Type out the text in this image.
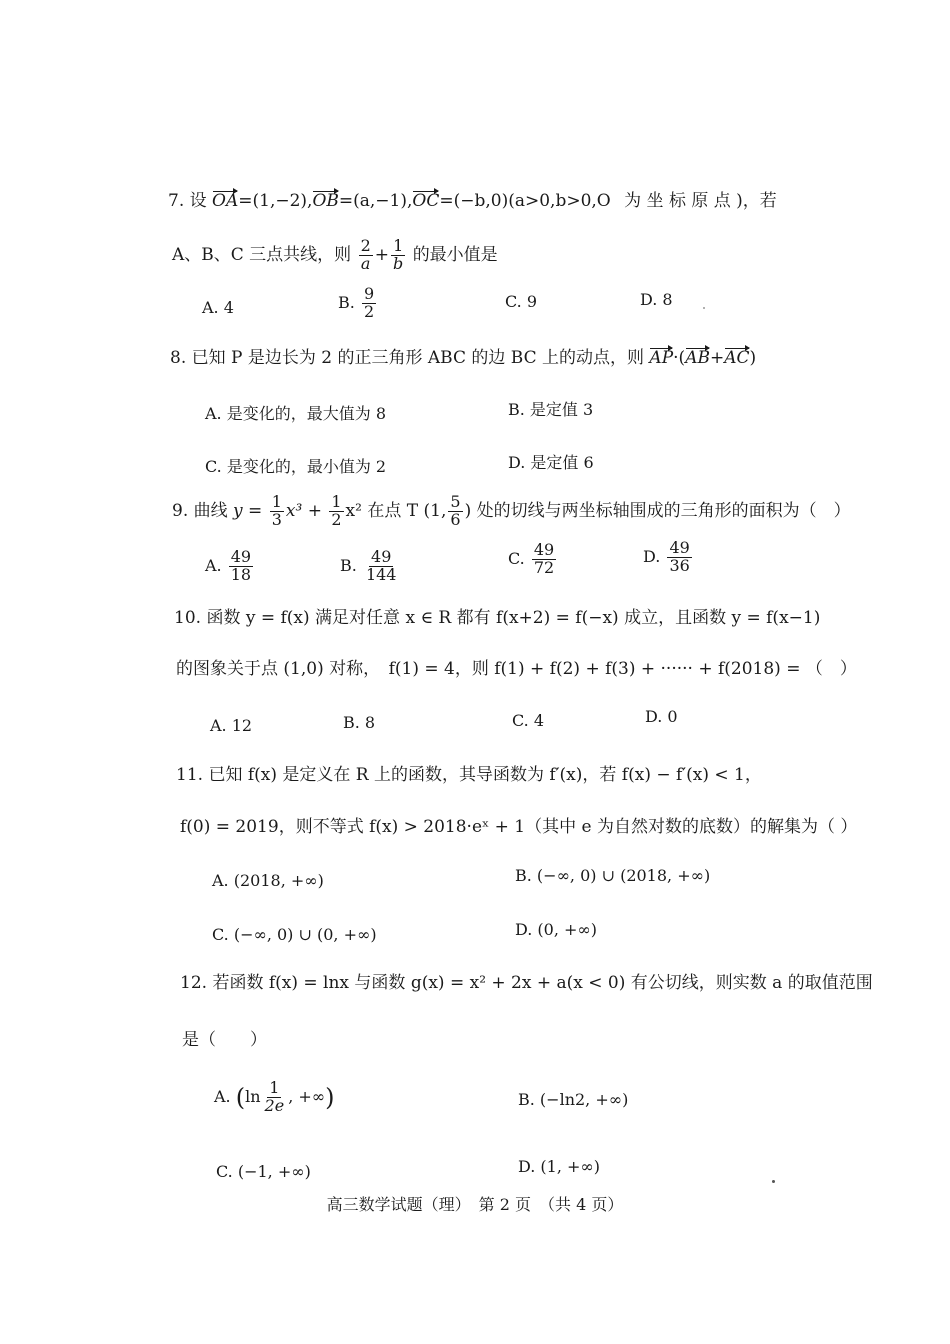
7. 设 OA=(1,−2),OB=(a,−1),OC=(−b,0)(a>0,b>0,O 为 坐 标 原 点 )，若
A、B、C 三点共线，则 $\frac{2}{a} + \frac{1}{b}$ 的最小值是
A. 4	B. $\frac{9}{2}$	C. 9	D. 8
8. 已知 P 是边长为 2 的正三角形 ABC 的边 BC 上的动点，则 AP·(AB+AC)
A. 是变化的，最大值为 8	B. 是定值 3
C. 是变化的，最小值为 2	D. 是定值 6
9. 曲线 $y = \frac{1}{3} x^3 + \frac{1}{2} x^2$ 在点 T (1, $\frac{5}{6}$ ) 处的切线与两坐标轴围成的三角形的面积为（　）
A. $\frac{49}{18}$	B. $\frac{49}{144}$	C. $\frac{49}{72}$	D. $\frac{49}{36}$
10. 函数 y = f(x) 满足对任意 x ∈ R 都有 f(x+2) = f(−x) 成立，且函数 y = f(x−1)
的图象关于点 (1,0) 对称，　f(1) = 4，则 f(1) + f(2) + f(3) + ······ + f(2018) = （　）
A. 12	B. 8	C. 4	D. 0
11. 已知 f(x) 是定义在 R 上的函数，其导函数为 f′(x)，若 f(x) − f′(x) < 1，
f(0) = 2019，则不等式 f(x) > 2018·eˣ + 1（其中 e 为自然对数的底数）的解集为（ ）
A. (2018, +∞)	B. (−∞, 0) ∪ (2018, +∞)
C. (−∞, 0) ∪ (0, +∞)	D. (0, +∞)
12. 若函数 f(x) = lnx 与函数 g(x) = x² + 2x + a(x < 0) 有公切线，则实数 a 的取值范围
是（　　）
A. ($\ln \frac{1}{2e}$ , +∞)	B. (−ln2, +∞)
C. (−1, +∞)	D. (1, +∞)
高三数学试题（理）　第 2 页　（共 4 页）
